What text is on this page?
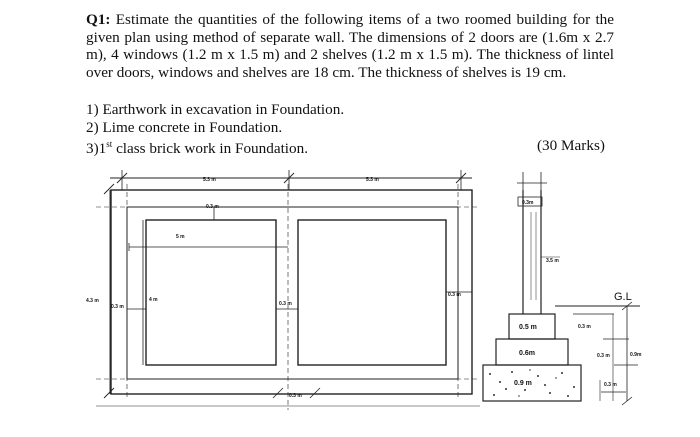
Q1: Estimate the quantities of the following items of a two roomed building for the given plan using method of separate wall. The dimensions of 2 doors are (1.6m x 2.7 m), 4 windows (1.2 m x 1.5 m) and 2 shelves (1.2 m x 1.5 m). The thickness of lintel over doors, windows and shelves are 18 cm. The thickness of shelves is 19 cm.
1) Earthwork in excavation in Foundation.
2) Lime concrete in Foundation.
3)1st class brick work in Foundation.	(30 Marks)
5.3 m	5.3 m
0.3 m
5 m
4.3 m
0.3 m
4 m
0.3 m
0.3 m
0.3 m
0.3m
3.5 m
G.L
0.5 m
0.6m
0.9 m
0.3 m
0.3 m
0.3 m
0.9m
